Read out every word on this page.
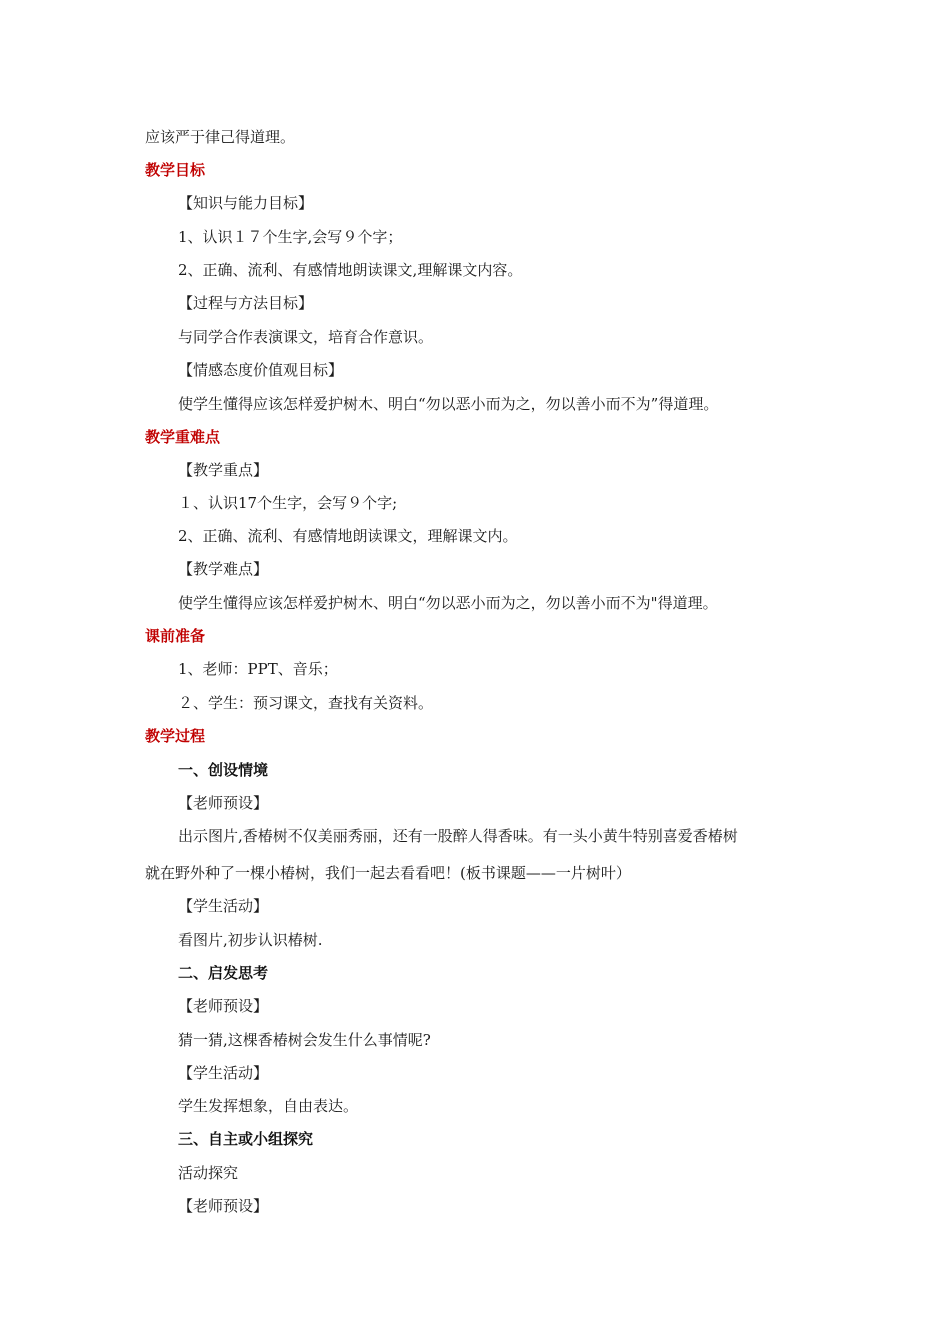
应该严于律己得道理。
教学目标
【知识与能力目标】
1、认识１７个生字,会写９个字；
2、正确、流利、有感情地朗读课文,理解课文内容。
【过程与方法目标】
与同学合作表演课文，培育合作意识。
【情感态度价值观目标】
使学生懂得应该怎样爱护树木、明白“勿以恶小而为之，勿以善小而不为”得道理。
教学重难点
【教学重点】
１、认识17个生字，会写９个字;
2、正确、流利、有感情地朗读课文，理解课文内。
【教学难点】
使学生懂得应该怎样爱护树木、明白“勿以恶小而为之，勿以善小而不为"得道理。
课前准备
1、老师：PPT、音乐；
２、学生：预习课文，查找有关资料。
教学过程
一、创设情境
【老师预设】
出示图片,香椿树不仅美丽秀丽，还有一股醉人得香味。有一头小黄牛特别喜爱香椿树
就在野外种了一棵小椿树，我们一起去看看吧！(板书课题——一片树叶）
【学生活动】
看图片,初步认识椿树.
二、启发思考
【老师预设】
猜一猜,这棵香椿树会发生什么事情呢?
【学生活动】
学生发挥想象，自由表达。
三、自主或小组探究
活动探究
【老师预设】
